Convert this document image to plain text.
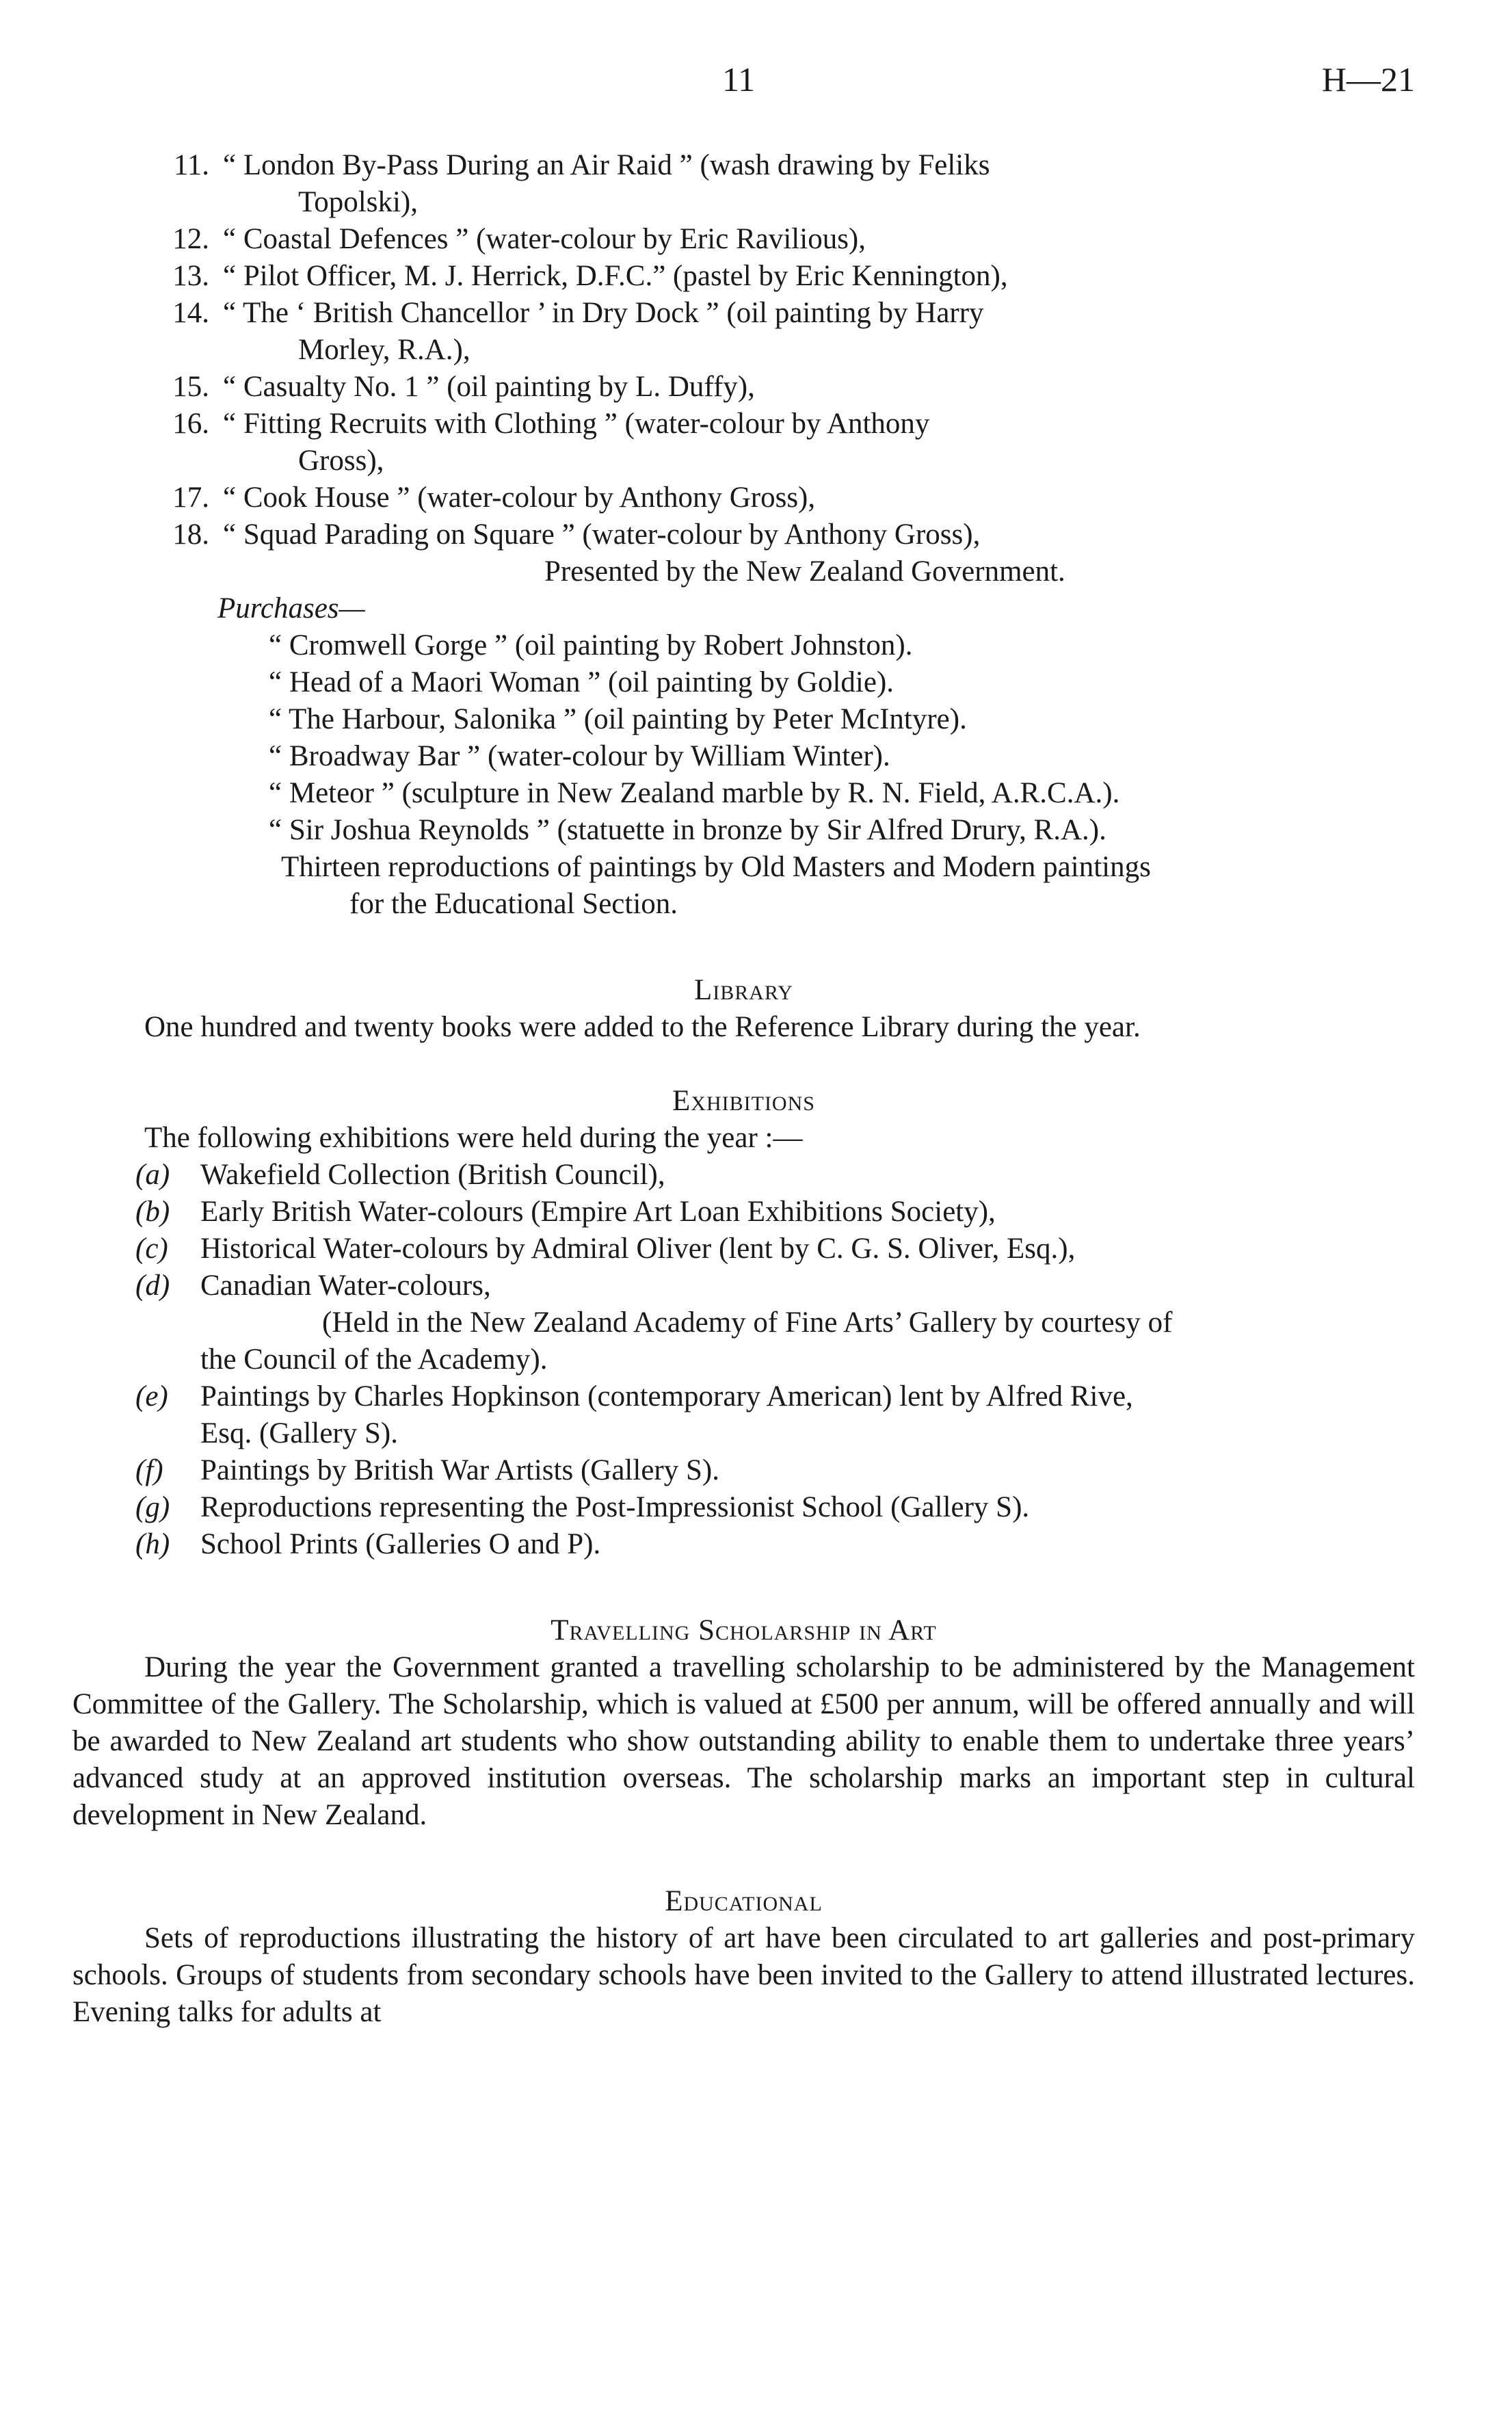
11	H—21
11. “ London By-Pass During an Air Raid ” (wash drawing by Feliks
Topolski),
12. “ Coastal Defences ” (water-colour by Eric Ravilious),
13. “ Pilot Officer, M. J. Herrick, D.F.C.” (pastel by Eric Kennington),
14. “ The ‘ British Chancellor ’ in Dry Dock ” (oil painting by Harry
Morley, R.A.),
15. “ Casualty No. 1 ” (oil painting by L. Duffy),
16. “ Fitting Recruits with Clothing ” (water-colour by Anthony
Gross),
17. “ Cook House ” (water-colour by Anthony Gross),
18. “ Squad Parading on Square ” (water-colour by Anthony Gross),
Presented by the New Zealand Government.
Purchases—
“ Cromwell Gorge ” (oil painting by Robert Johnston).
“ Head of a Maori Woman ” (oil painting by Goldie).
“ The Harbour, Salonika ” (oil painting by Peter McIntyre).
“ Broadway Bar ” (water-colour by William Winter).
“ Meteor ” (sculpture in New Zealand marble by R. N. Field, A.R.C.A.).
“ Sir Joshua Reynolds ” (statuette in bronze by Sir Alfred Drury, R.A.).
Thirteen reproductions of paintings by Old Masters and Modern paintings
for the Educational Section.
Library
One hundred and twenty books were added to the Reference Library during the year.
Exhibitions
The following exhibitions were held during the year :—
(a)	Wakefield Collection (British Council),
(b)	Early British Water-colours (Empire Art Loan Exhibitions Society),
(c)	Historical Water-colours by Admiral Oliver (lent by C. G. S. Oliver, Esq.),
(d)	Canadian Water-colours,
(Held in the New Zealand Academy of Fine Arts’ Gallery by courtesy of
the Council of the Academy).
(e)	Paintings by Charles Hopkinson (contemporary American) lent by Alfred Rive,
Esq. (Gallery S).
(f)	Paintings by British War Artists (Gallery S).
(g)	Reproductions representing the Post-Impressionist School (Gallery S).
(h)	School Prints (Galleries O and P).
Travelling Scholarship in Art
During the year the Government granted a travelling scholarship to be administered by the Management Committee of the Gallery. The Scholarship, which is valued at £500 per annum, will be offered annually and will be awarded to New Zealand art students who show outstanding ability to enable them to undertake three years’ advanced study at an approved institution overseas. The scholarship marks an important step in cultural development in New Zealand.
Educational
Sets of reproductions illustrating the history of art have been circulated to art galleries and post-primary schools. Groups of students from secondary schools have been invited to the Gallery to attend illustrated lectures. Evening talks for adults at
